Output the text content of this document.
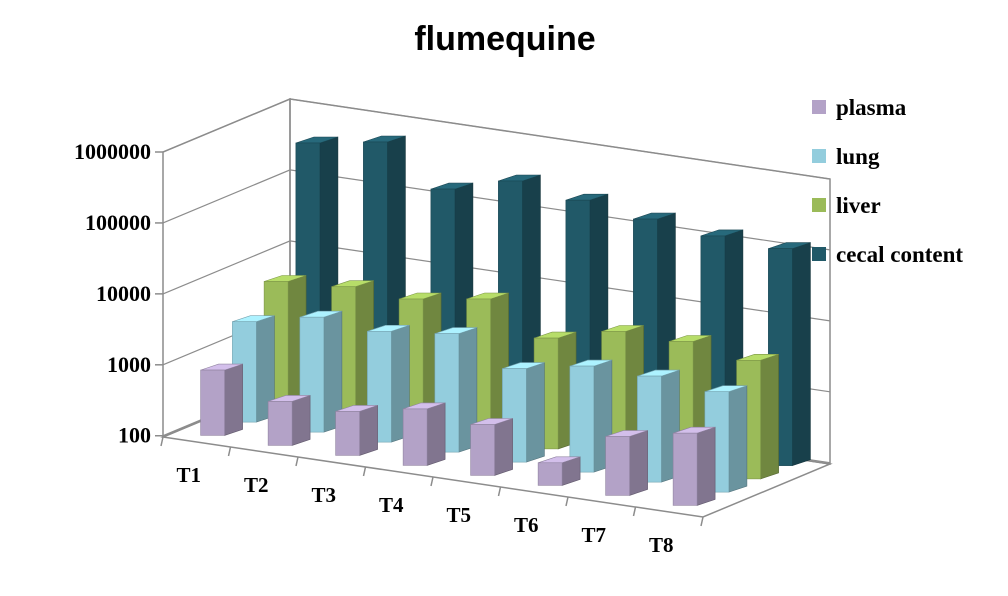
flumequine
100
1000
10000
100000
1000000
T1 T2 T3 T4 T5 T6 T7 T8
plasma
lung
liver
cecal content
